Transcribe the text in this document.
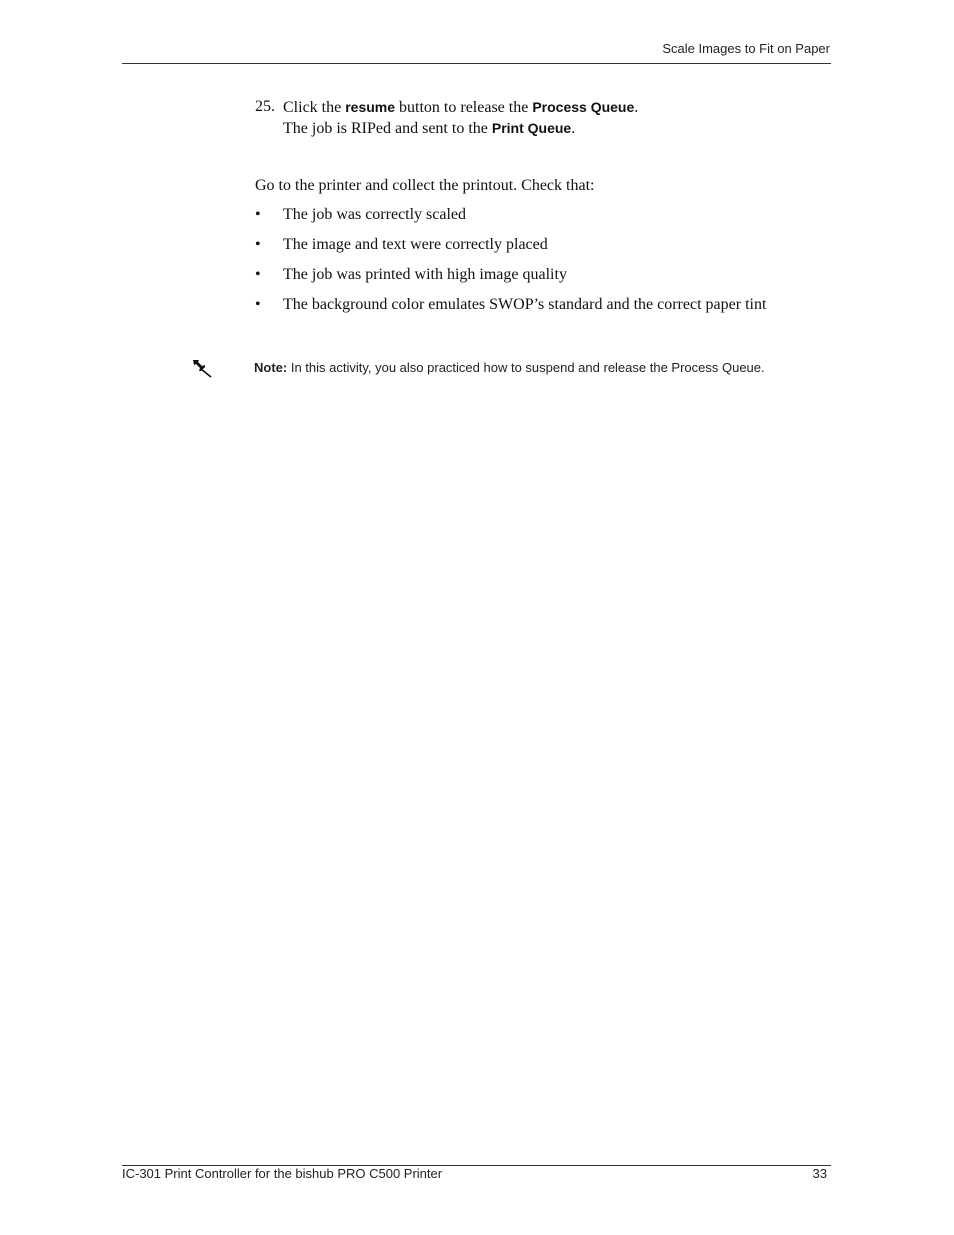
Scale Images to Fit on Paper
25. Click the resume button to release the Process Queue.
The job is RIPed and sent to the Print Queue.
Go to the printer and collect the printout. Check that:
• The job was correctly scaled
• The image and text were correctly placed
• The job was printed with high image quality
• The background color emulates SWOP’s standard and the correct paper tint
Note: In this activity, you also practiced how to suspend and release the Process Queue.
IC-301 Print Controller for the bishub PRO C500 Printer	33
